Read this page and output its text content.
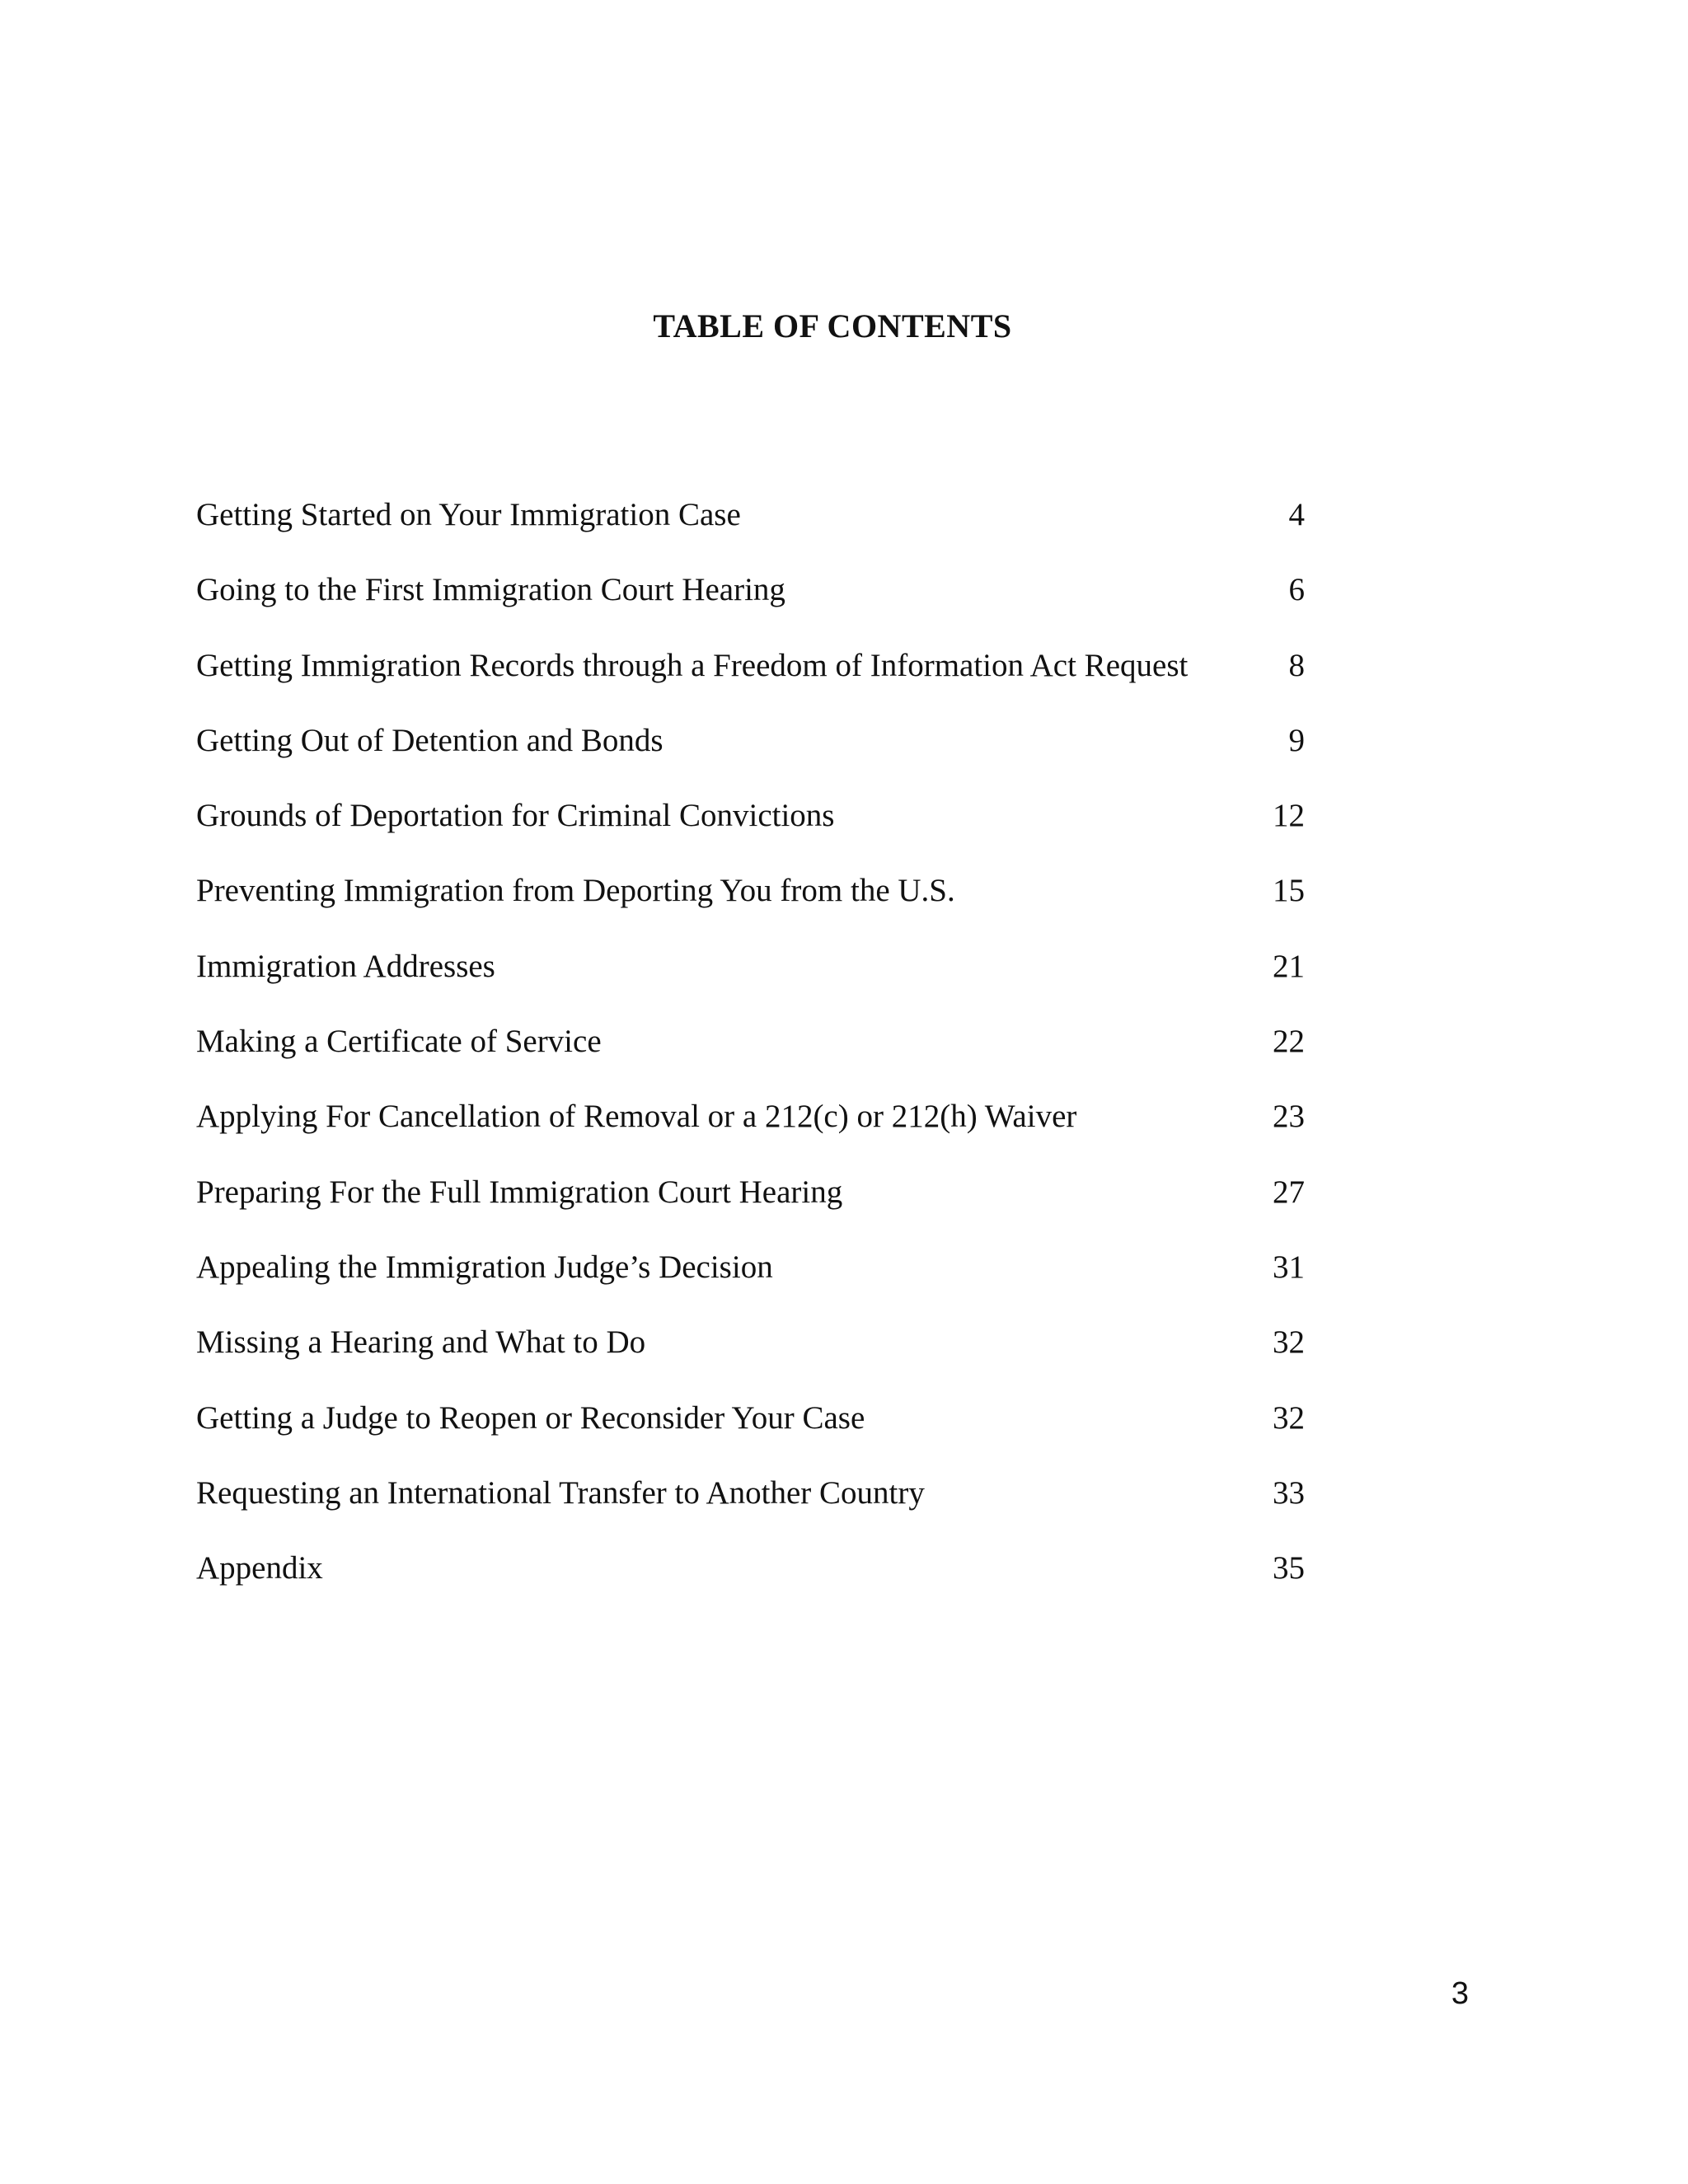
TABLE OF CONTENTS
Getting Started on Your Immigration Case	4
Going to the First Immigration Court Hearing	6
Getting Immigration Records through a Freedom of Information Act Request	8
Getting Out of Detention and Bonds	9
Grounds of Deportation for Criminal Convictions	12
Preventing Immigration from Deporting You from the U.S.	15
Immigration Addresses	21
Making a Certificate of Service	22
Applying For Cancellation of Removal or a 212(c) or 212(h) Waiver	23
Preparing For the Full Immigration Court Hearing	27
Appealing the Immigration Judge’s Decision	31
Missing a Hearing and What to Do	32
Getting a Judge to Reopen or Reconsider Your Case	32
Requesting an International Transfer to Another Country	33
Appendix	35
3
